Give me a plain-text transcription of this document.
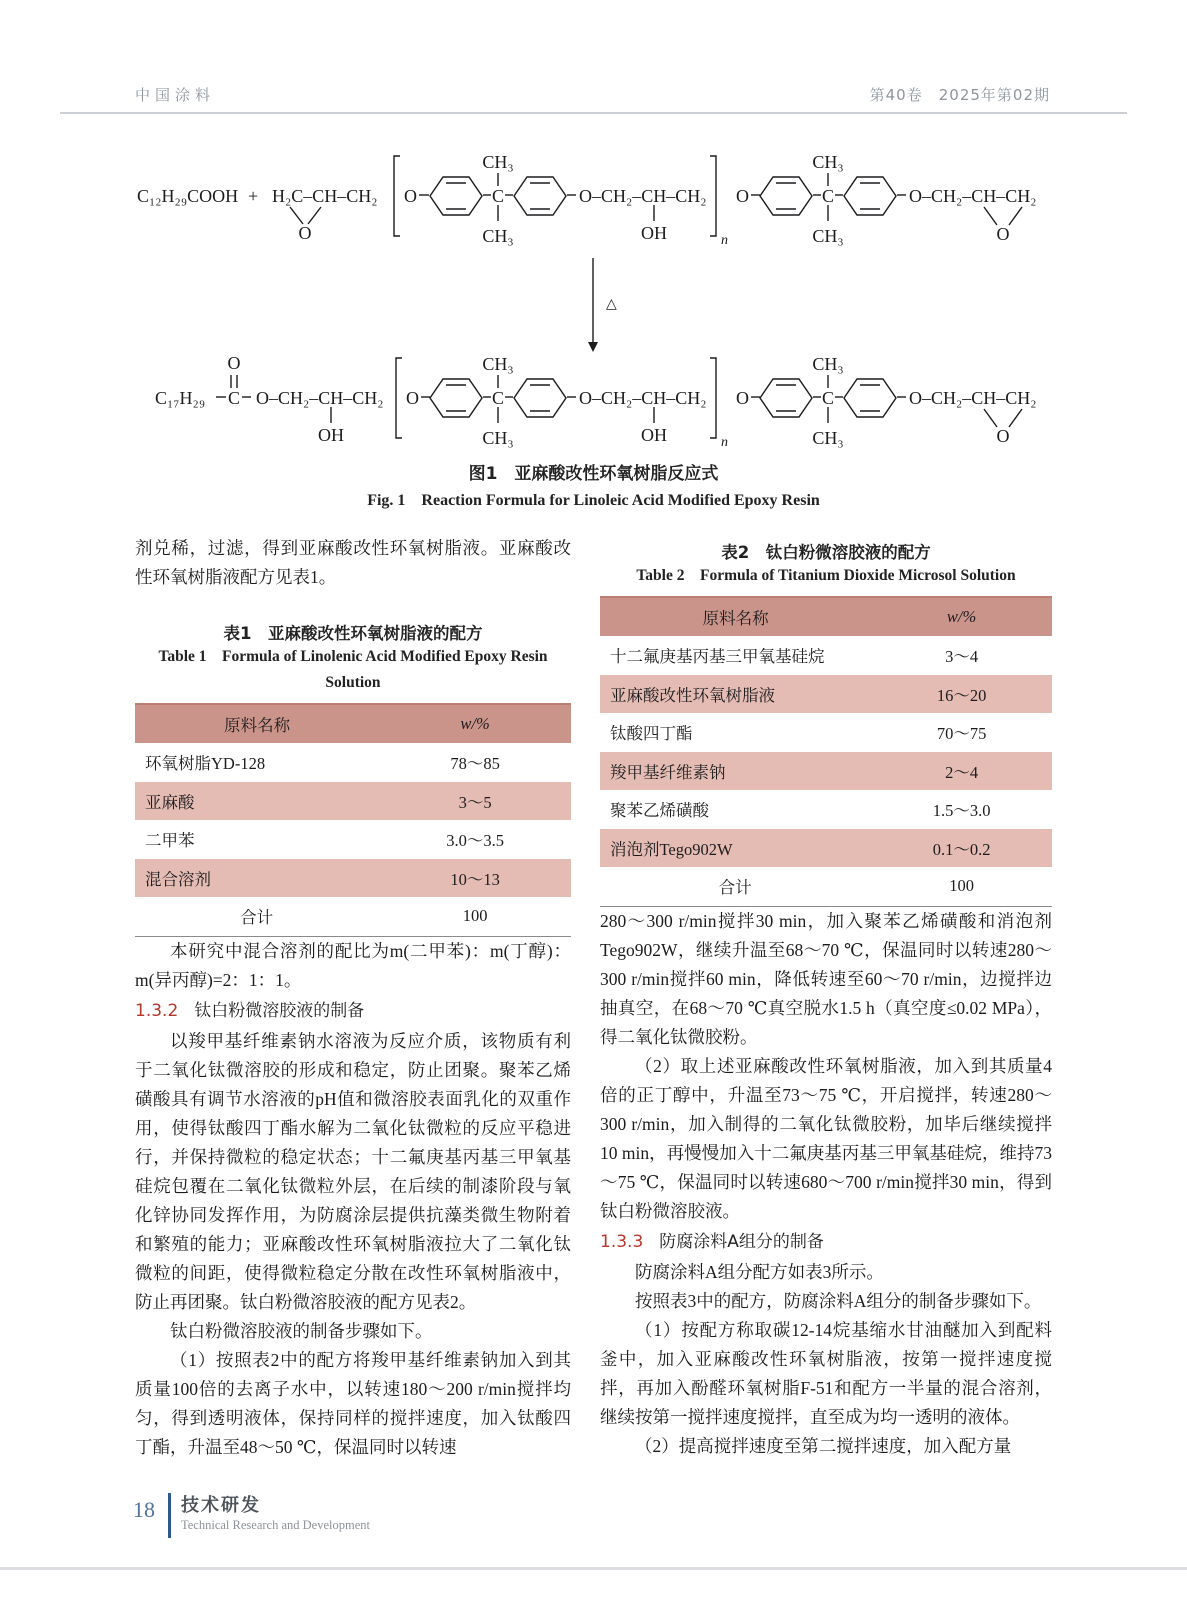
中国涂料	第40卷　2025年第02期
C₁₂H₂₉COOH + H₂C–CH–CH₂
O
O	C
CH₃
CH₃
O–CH₂–CH–CH₂
OH	n
O	C
CH₃
CH₃
O–CH₂–CH–CH₂
O
△
C₁₇H₂₉ C
O
O–CH₂–CH–CH₂
OH
O	C
CH₃
CH₃
O–CH₂–CH–CH₂
OH	n
O	C
CH₃
CH₃
O–CH₂–CH–CH₂
O
图1　亚麻酸改性环氧树脂反应式
Fig. 1　Reaction Formula for Linoleic Acid Modified Epoxy Resin

剂兑稀，过滤，得到亚麻酸改性环氧树脂液。亚麻酸改性环氧树脂液配方见表1。

表1　亚麻酸改性环氧树脂液的配方
Table 1　Formula of Linolenic Acid Modified Epoxy Resin
Solution
原料名称	w/%
环氧树脂YD-128	78～85
亚麻酸	3～5
二甲苯	3.0～3.5
混合溶剂	10～13
合计	100

本研究中混合溶剂的配比为m(二甲苯)：m(丁醇)：m(异丙醇)=2：1：1。

1.3.2 钛白粉微溶胶液的制备

以羧甲基纤维素钠水溶液为反应介质，该物质有利于二氧化钛微溶胶的形成和稳定，防止团聚。聚苯乙烯磺酸具有调节水溶液的pH值和微溶胶表面乳化的双重作用，使得钛酸四丁酯水解为二氧化钛微粒的反应平稳进行，并保持微粒的稳定状态；十二氟庚基丙基三甲氧基硅烷包覆在二氧化钛微粒外层，在后续的制漆阶段与氧化锌协同发挥作用，为防腐涂层提供抗藻类微生物附着和繁殖的能力；亚麻酸改性环氧树脂液拉大了二氧化钛微粒的间距，使得微粒稳定分散在改性环氧树脂液中，防止再团聚。钛白粉微溶胶液的配方见表2。

钛白粉微溶胶液的制备步骤如下。

（1）按照表2中的配方将羧甲基纤维素钠加入到其质量100倍的去离子水中，以转速180～200 r/min搅拌均匀，得到透明液体，保持同样的搅拌速度，加入钛酸四丁酯，升温至48～50 ℃，保温同时以转速

表2　钛白粉微溶胶液的配方
Table 2　Formula of Titanium Dioxide Microsol Solution
原料名称	w/%
十二氟庚基丙基三甲氧基硅烷	3～4
亚麻酸改性环氧树脂液	16～20
钛酸四丁酯	70～75
羧甲基纤维素钠	2～4
聚苯乙烯磺酸	1.5～3.0
消泡剂Tego902W	0.1～0.2
合计	100

280～300 r/min搅拌30 min，加入聚苯乙烯磺酸和消泡剂Tego902W，继续升温至68～70 ℃，保温同时以转速280～300 r/min搅拌60 min，降低转速至60～70 r/min，边搅拌边抽真空，在68～70 ℃真空脱水1.5 h（真空度≤0.02 MPa），得二氧化钛微胶粉。

（2）取上述亚麻酸改性环氧树脂液，加入到其质量4倍的正丁醇中，升温至73～75 ℃，开启搅拌，转速280～300 r/min，加入制得的二氧化钛微胶粉，加毕后继续搅拌10 min，再慢慢加入十二氟庚基丙基三甲氧基硅烷，维持73～75 ℃，保温同时以转速680～700 r/min搅拌30 min，得到钛白粉微溶胶液。

1.3.3 防腐涂料A组分的制备

防腐涂料A组分配方如表3所示。

按照表3中的配方，防腐涂料A组分的制备步骤如下。

（1）按配方称取碳12-14烷基缩水甘油醚加入到配料釜中，加入亚麻酸改性环氧树脂液，按第一搅拌速度搅拌，再加入酚醛环氧树脂F-51和配方一半量的混合溶剂，继续按第一搅拌速度搅拌，直至成为均一透明的液体。

（2）提高搅拌速度至第二搅拌速度，加入配方量

18 技术研发
Technical Research and Development
